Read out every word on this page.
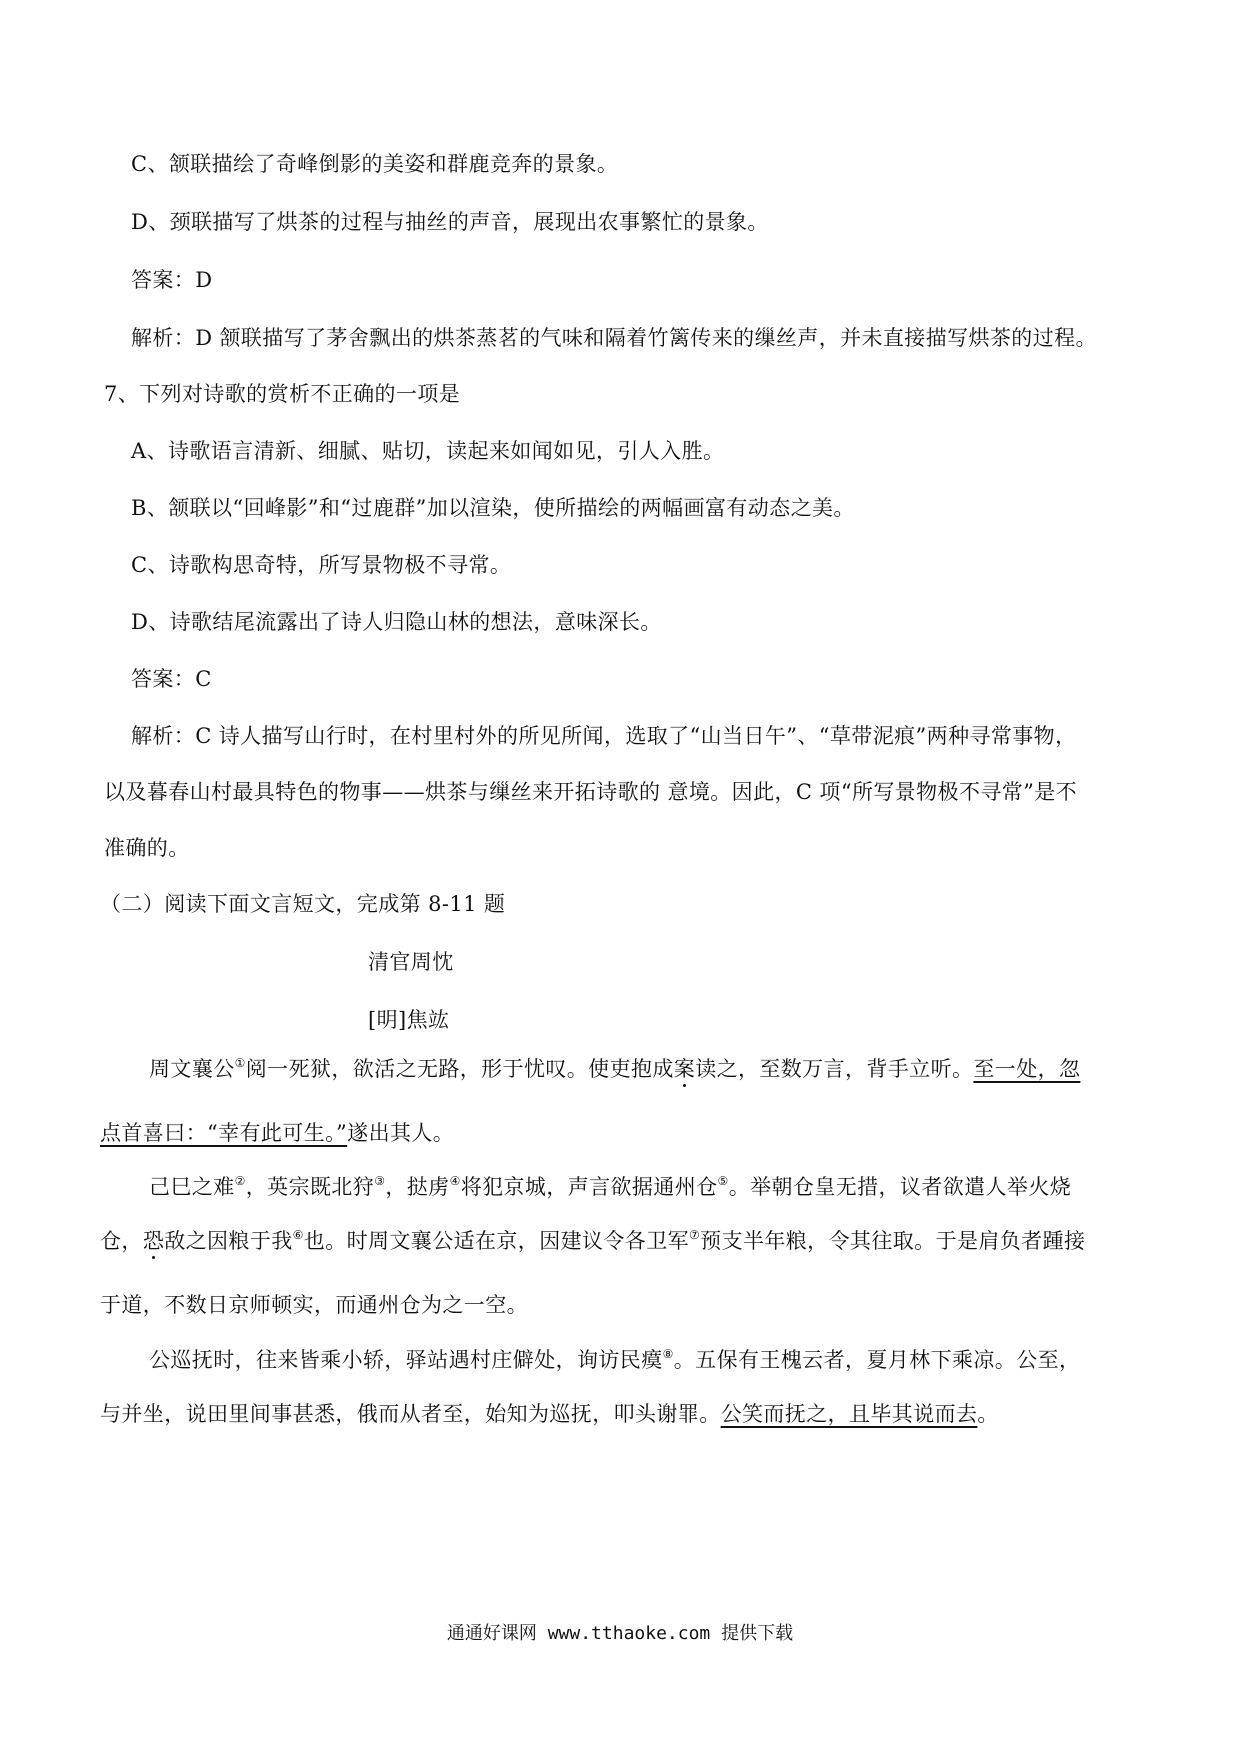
C、颔联描绘了奇峰倒影的美姿和群鹿竞奔的景象。
D、颈联描写了烘茶的过程与抽丝的声音，展现出农事繁忙的景象。
答案：D
解析：D 颔联描写了茅舍飘出的烘茶蒸茗的气味和隔着竹篱传来的缫丝声，并未直接描写烘茶的过程。
7、下列对诗歌的赏析不正确的一项是
A、诗歌语言清新、细腻、贴切，读起来如闻如见，引人入胜。
B、颔联以“回峰影”和“过鹿群”加以渲染，使所描绘的两幅画富有动态之美。
C、诗歌构思奇特，所写景物极不寻常。
D、诗歌结尾流露出了诗人归隐山林的想法，意味深长。
答案：C
解析：C 诗人描写山行时，在村里村外的所见所闻，选取了“山当日午”、“草带泥痕”两种寻常事物，
以及暮春山村最具特色的物事——烘茶与缫丝来开拓诗歌的 意境。因此，C 项“所写景物极不寻常”是不
准确的。
（二）阅读下面文言短文，完成第 8-11 题
清官周忱
[明]焦竑
周文襄公①阅一死狱，欲活之无路，形于忧叹。使吏抱成案读之，至数万言，背手立听。至一处，忽
点首喜曰：“幸有此可生。”遂出其人。
己巳之难②，英宗既北狩③，挞虏④将犯京城，声言欲据通州仓⑤。举朝仓皇无措，议者欲遣人举火烧
仓，恐敌之因粮于我⑥也。时周文襄公适在京，因建议令各卫军⑦预支半年粮，令其往取。于是肩负者踵接
于道，不数日京师顿实，而通州仓为之一空。
公巡抚时，往来皆乘小轿，驿站遇村庄僻处，询访民瘼⑧。五保有王槐云者，夏月林下乘凉。公至，
与并坐，说田里间事甚悉，俄而从者至，始知为巡抚，叩头谢罪。公笑而抚之，且毕其说而去。
通通好课网 www.tthaoke.com 提供下载
